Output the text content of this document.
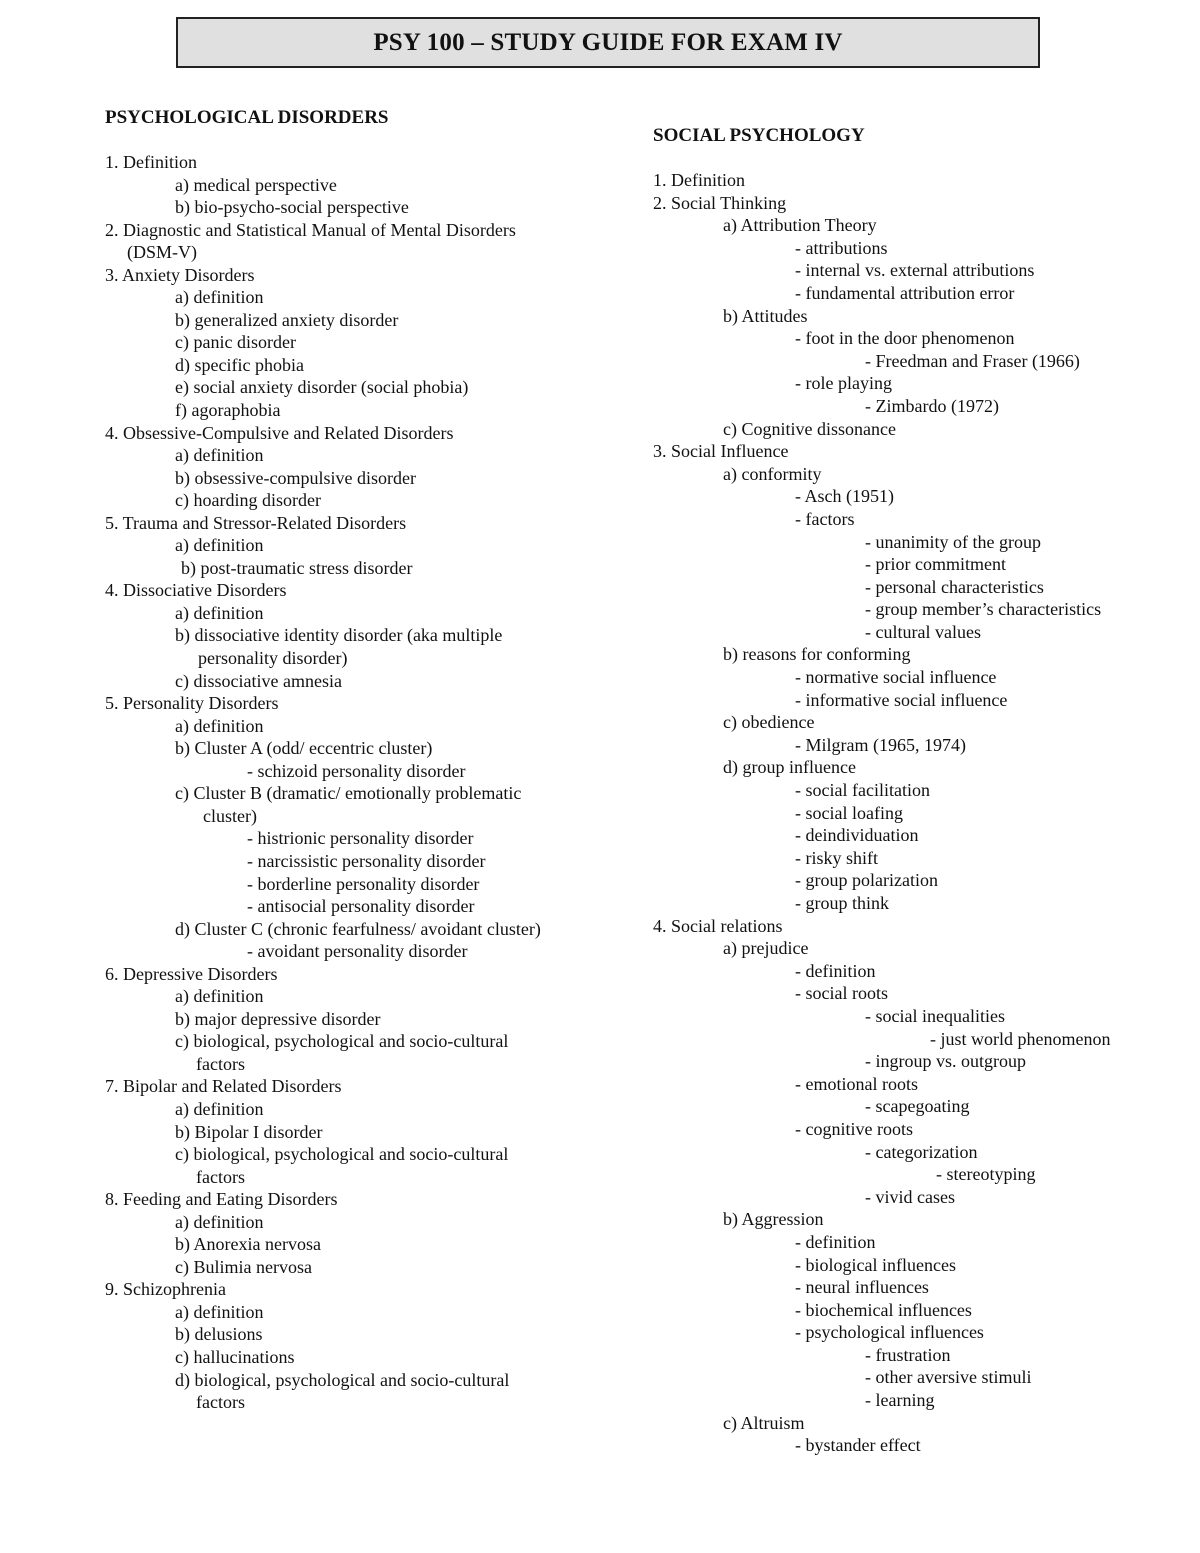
PSY 100 – STUDY GUIDE FOR EXAM IV
PSYCHOLOGICAL DISORDERS
1. Definition
a) medical perspective
b) bio-psycho-social perspective
2. Diagnostic and Statistical Manual of Mental Disorders
(DSM-V)
3. Anxiety Disorders
a) definition
b) generalized anxiety disorder
c) panic disorder
d) specific phobia
e) social anxiety disorder (social phobia)
f) agoraphobia
4. Obsessive-Compulsive and Related Disorders
a) definition
b) obsessive-compulsive disorder
c) hoarding disorder
5. Trauma and Stressor-Related Disorders
a) definition
b) post-traumatic stress disorder
4. Dissociative Disorders
a) definition
b) dissociative identity disorder (aka multiple
personality disorder)
c) dissociative amnesia
5. Personality Disorders
a) definition
b) Cluster A (odd/ eccentric cluster)
- schizoid personality disorder
c) Cluster B (dramatic/ emotionally problematic
cluster)
- histrionic personality disorder
- narcissistic personality disorder
- borderline personality disorder
- antisocial personality disorder
d) Cluster C (chronic fearfulness/ avoidant cluster)
- avoidant personality disorder
6. Depressive Disorders
a) definition
b) major depressive disorder
c) biological, psychological and socio-cultural
factors
7. Bipolar and Related Disorders
a) definition
b) Bipolar I disorder
c) biological, psychological and socio-cultural
factors
8. Feeding and Eating Disorders
a) definition
b) Anorexia nervosa
c) Bulimia nervosa
9. Schizophrenia
a) definition
b) delusions
c) hallucinations
d) biological, psychological and socio-cultural
factors
SOCIAL PSYCHOLOGY
1. Definition
2. Social Thinking
a) Attribution Theory
- attributions
- internal vs. external attributions
- fundamental attribution error
b) Attitudes
- foot in the door phenomenon
- Freedman and Fraser (1966)
- role playing
- Zimbardo (1972)
c) Cognitive dissonance
3. Social Influence
a) conformity
- Asch (1951)
- factors
- unanimity of the group
- prior commitment
- personal characteristics
- group member’s characteristics
- cultural values
b) reasons for conforming
- normative social influence
- informative social influence
c) obedience
- Milgram (1965, 1974)
d) group influence
- social facilitation
- social loafing
- deindividuation
- risky shift
- group polarization
- group think
4. Social relations
a) prejudice
- definition
- social roots
- social inequalities
- just world phenomenon
- ingroup vs. outgroup
- emotional roots
- scapegoating
- cognitive roots
- categorization
- stereotyping
- vivid cases
b) Aggression
- definition
- biological influences
- neural influences
- biochemical influences
- psychological influences
- frustration
- other aversive stimuli
- learning
c) Altruism
- bystander effect
